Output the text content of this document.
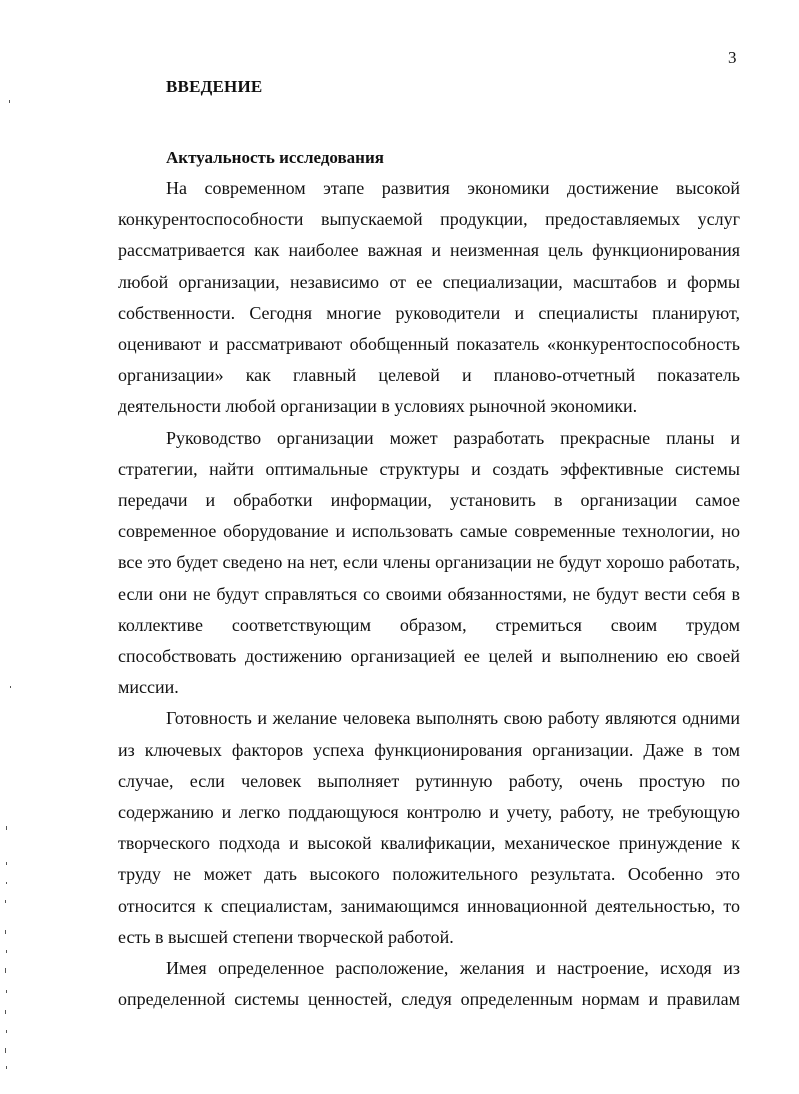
3
ВВЕДЕНИЕ
Актуальность исследования

На современном этапе развития экономики достижение высокой конкурентоспособности выпускаемой продукции, предоставляемых услуг рассматривается как наиболее важная и неизменная цель функционирования любой организации, независимо от ее специализации, масштабов и формы собственности. Сегодня многие руководители и специалисты планируют, оценивают и рассматривают обобщенный показатель «конкурентоспособность организации» как главный целевой и планово-отчетный показатель деятельности любой организации в условиях рыночной экономики.

Руководство организации может разработать прекрасные планы и стратегии, найти оптимальные структуры и создать эффективные системы передачи и обработки информации, установить в организации самое современное оборудование и использовать самые современные технологии, но все это будет сведено на нет, если члены организации не будут хорошо работать, если они не будут справляться со своими обязанностями, не будут вести себя в коллективе соответствующим образом, стремиться своим трудом способствовать достижению организацией ее целей и выполнению ею своей миссии.

Готовность и желание человека выполнять свою работу являются одними из ключевых факторов успеха функционирования организации. Даже в том случае, если человек выполняет рутинную работу, очень простую по содержанию и легко поддающуюся контролю и учету, работу, не требующую творческого подхода и высокой квалификации, механическое принуждение к труду не может дать высокого положительного результата. Особенно это относится к специалистам, занимающимся инновационной деятельностью, то есть в высшей степени творческой работой.

Имея определенное расположение, желания и настроение, исходя из определенной системы ценностей, следуя определенным нормам и правилам
